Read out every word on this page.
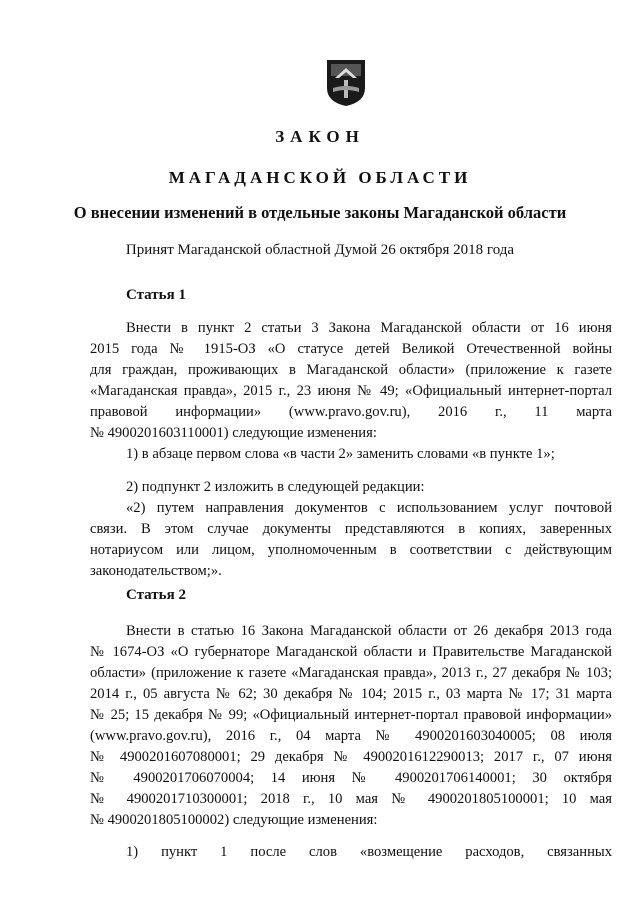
ЗАКОН
МАГАДАНСКОЙ ОБЛАСТИ
О внесении изменений в отдельные законы Магаданской области
Принят Магаданской областной Думой 26 октября 2018 года
Статья 1
Внести в пункт 2 статьи 3 Закона Магаданской области от 16 июня
2015 года № 1915-ОЗ «О статусе детей Великой Отечественной войны
для граждан, проживающих в Магаданской области» (приложение к газете
«Магаданская правда», 2015 г., 23 июня № 49; «Официальный интернет-портал
правовой информации» (www.pravo.gov.ru), 2016 г., 11 марта
№ 4900201603110001) следующие изменения:
1) в абзаце первом слова «в части 2» заменить словами «в пункте 1»;
2) подпункт 2 изложить в следующей редакции:
«2) путем направления документов с использованием услуг почтовой
связи. В этом случае документы представляются в копиях, заверенных
нотариусом или лицом, уполномоченным в соответствии с действующим
законодательством;».
Статья 2
Внести в статью 16 Закона Магаданской области от 26 декабря 2013 года
№ 1674-ОЗ «О губернаторе Магаданской области и Правительстве Магаданской
области» (приложение к газете «Магаданская правда», 2013 г., 27 декабря № 103;
2014 г., 05 августа № 62; 30 декабря № 104; 2015 г., 03 марта № 17; 31 марта
№ 25; 15 декабря № 99; «Официальный интернет-портал правовой информации»
(www.pravo.gov.ru), 2016 г., 04 марта № 4900201603040005; 08 июля
№ 4900201607080001; 29 декабря № 4900201612290013; 2017 г., 07 июня
№ 4900201706070004; 14 июня № 4900201706140001; 30 октября
№ 4900201710300001; 2018 г., 10 мая № 4900201805100001; 10 мая
№ 4900201805100002) следующие изменения:
1) пункт 1 после слов «возмещение расходов, связанных
